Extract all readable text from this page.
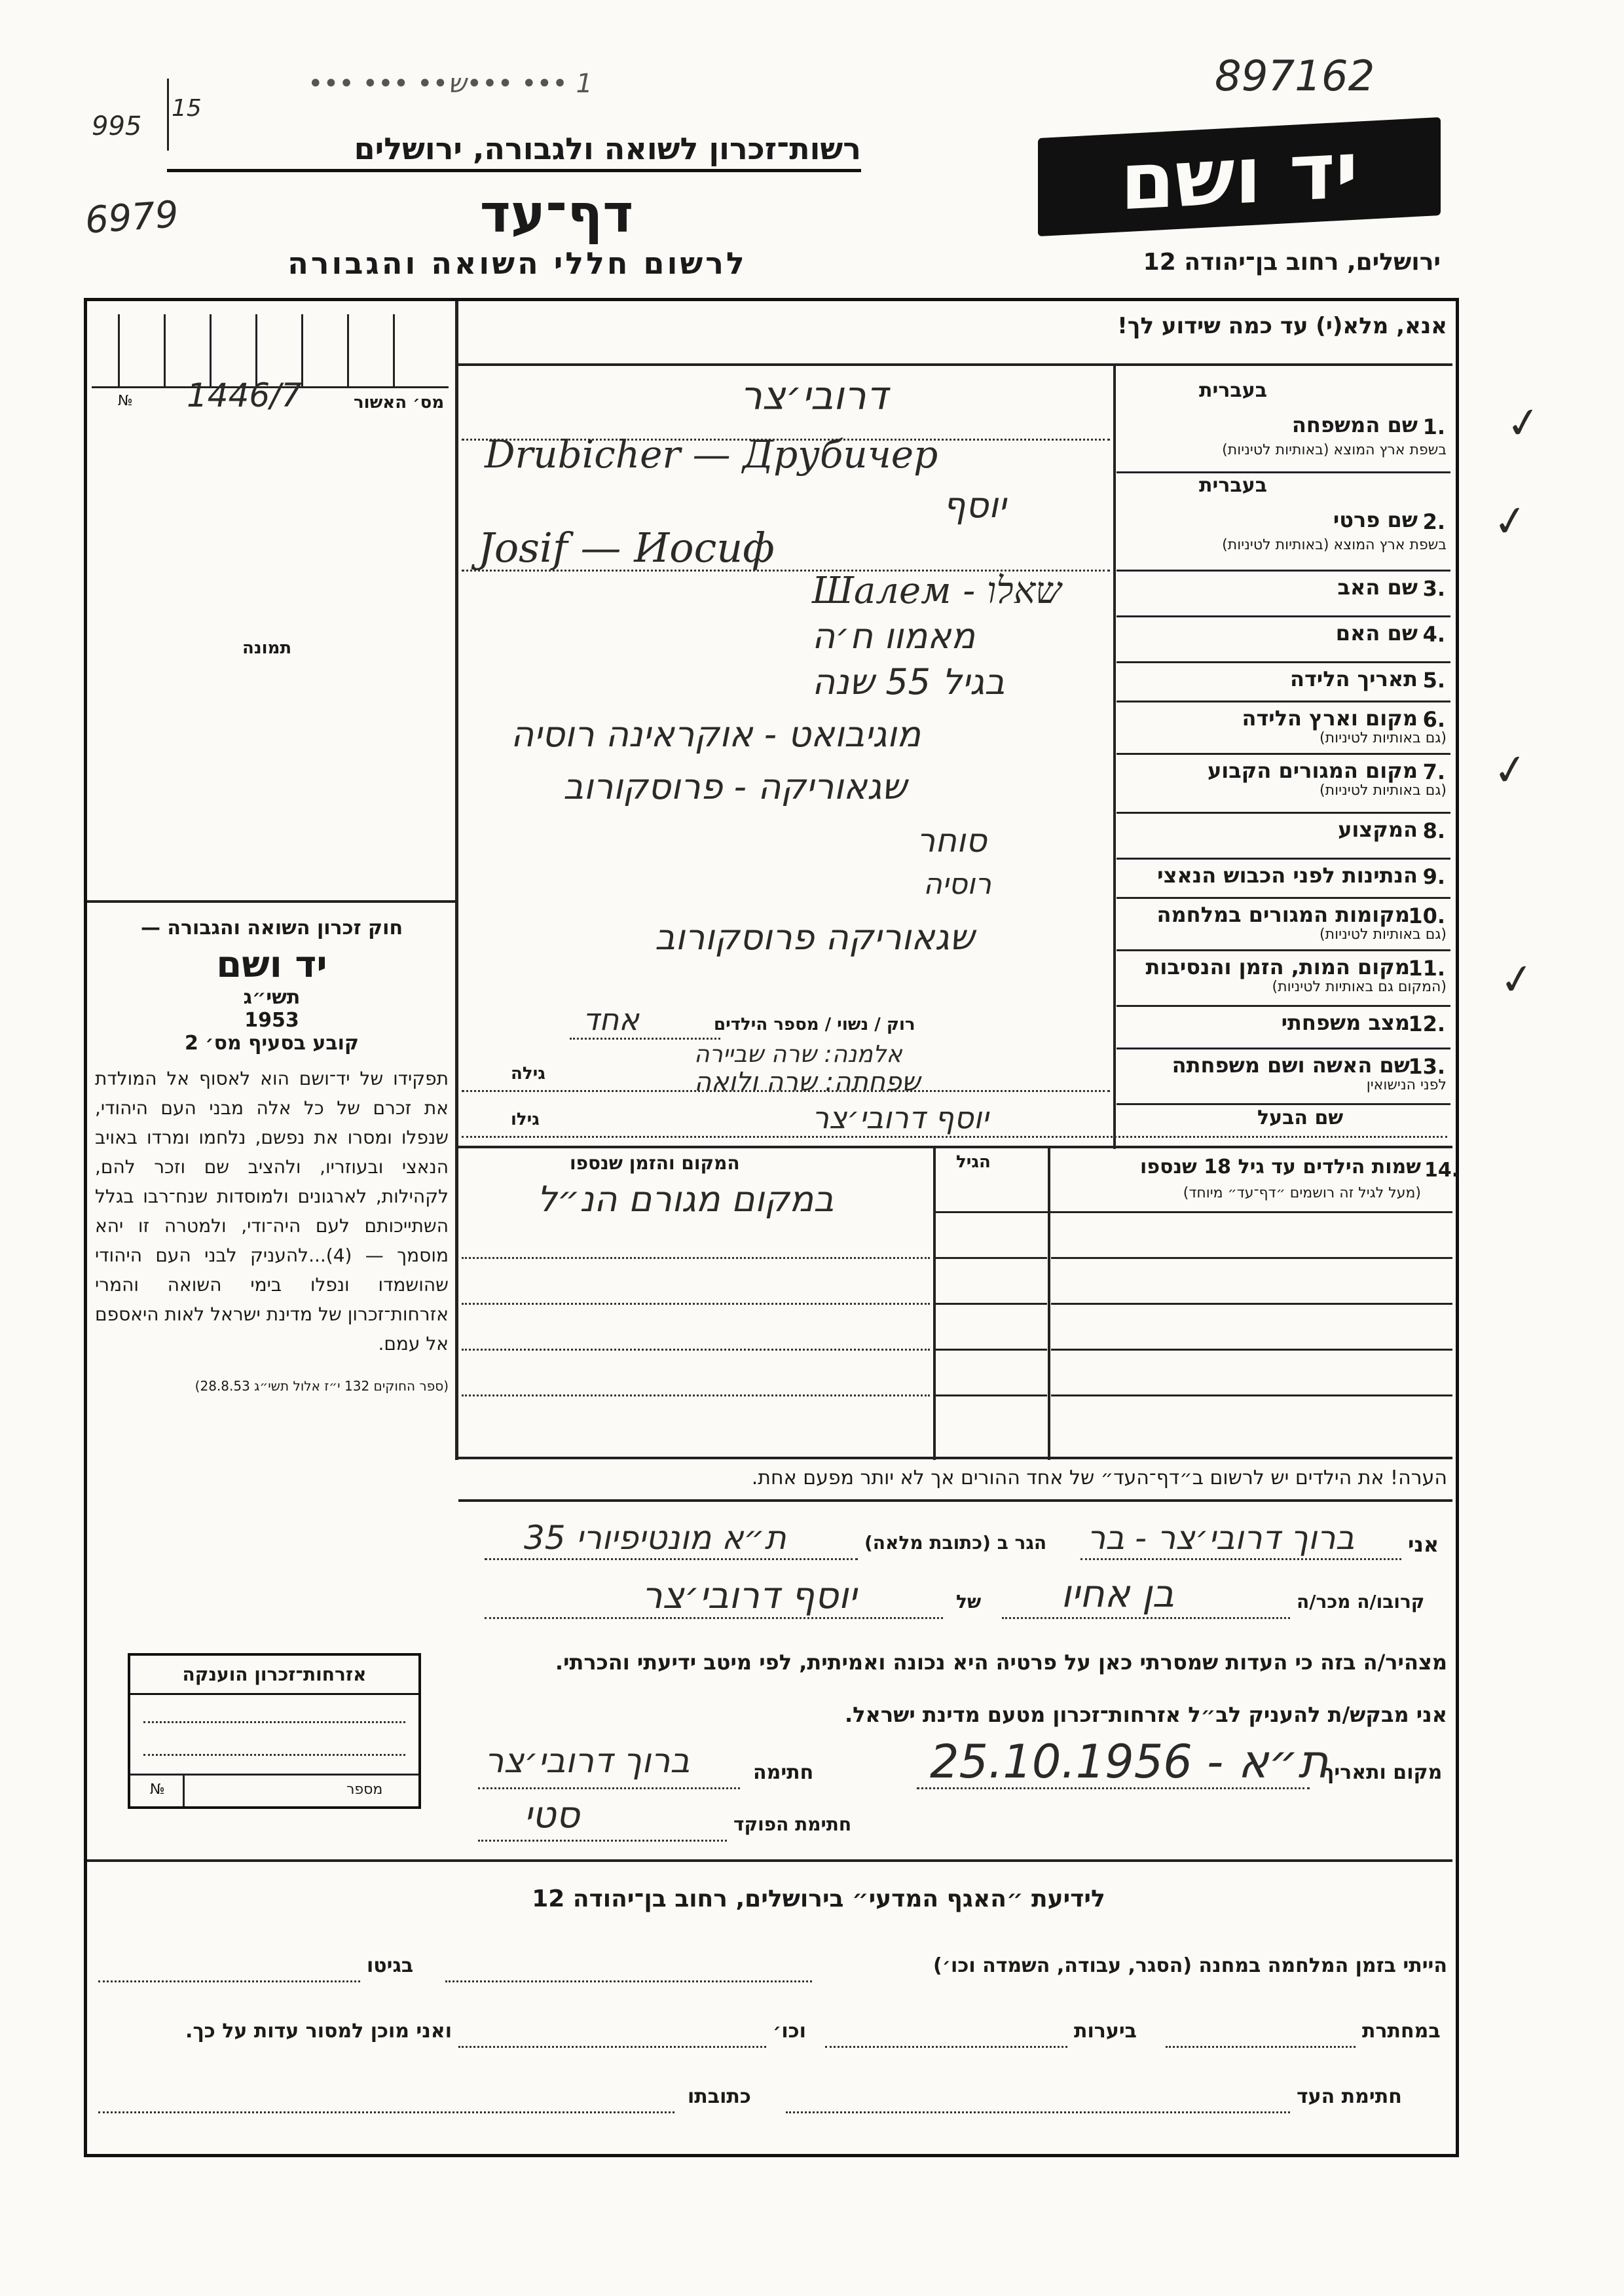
897162
1 ••• •••ש•• ••• •••
995
15
6979
רשות־זכרון לשואה ולגבורה, ירושלים
דף־עד
לרשום חללי השואה והגבורה
יד ושם
ירושלים, רחוב בן־יהודה 12
אנא, מלא(י) עד כמה שידוע לך!
№ 1446/7	מס׳ האשור
תמונה

חוק זכרון השואה והגבורה —

יד ושם

תשי״ג

1953

קובע בסעיף מס׳ 2

תפקידו של יד־ושם הוא לאסוף אל המולדת את זכרם של כל אלה מבני העם היהודי, שנפלו ומסרו את נפשם, נלחמו ומרדו באויב הנאצי ובעוזריו, ולהציב שם וזכר להם, לקהילות, לארגונים ולמוסדות שנח־רבו בגלל השתייכותם לעם היה־ודי, ולמטרה זו יהא מוסמך — (4)...להעניק לבני העם היהודי שהושמדו ונפלו בימי השואה והמרי אזרחות־זכרון של מדינת ישראל לאות היאספם אל עמם.

(ספר החוקים 132 י״ז אלול תשי״ג 28.8.53)

1.
שם המשפחה
בשפת ארץ המוצא (באותיות לטיניות)
בעברית
2.
שם פרטי
בשפת ארץ המוצא (באותיות לטיניות)
בעברית
3.
שם האב
4.
שם האם
5.
תאריך הלידה
6.
מקום וארץ הלידה
(גם באותיות לטיניות)
7.
מקום המגורים הקבוע
(גם באותיות לטיניות)
8.
המקצוע
9.
הנתינות לפני הכבוש הנאצי
10.
מקומות המגורים במלחמה
(גם באותיות לטיניות)
11.
מקום המות, הזמן והנסיבות
(המקום גם באותיות לטיניות)
12.
מצב משפחתי
13.
שם האשה ושם משפחתה
לפני הנישואין
דרובי׳צר
Drubicher — Друбичер
יוסף
Josif — Иосиф
Шалем - שאלו
מאמוו ח׳ה
בגיל 55 שנה
מוגיבואט - אוקראינה רוסיה
שגאוריקה - פרוסקורוב
סוחר
רוסיה
שגאוריקה פרוסקורוב
רוק / נשוי / מספר הילדים
אחד
גילה
אלמנה: שרה שביירה
שפחתה: שרה ולואה
שם הבעל
גילו	יוסף דרובי׳צר
14.
שמות הילדים עד גיל 18 שנספו
(מעל לגיל זה רושמים ״דף־עד״ מיוחד)
הגיל
המקום והזמן שנספו
במקום מגורם הנ״ל
הערה! את הילדים יש לרשום ב״דף־העד״ של אחד ההורים אך לא יותר מפעם אחת.
אני
ברוך דרובי׳צר - בר
הגר ב (כתובת מלאה)
ת״א מונטיפיורי 35
קרובו/ה מכר/ה
בן אחיו
של
יוסף דרובי׳צר
מצהיר/ה בזה כי העדות שמסרתי כאן על פרטיה היא נכונה ואמיתית, לפי מיטב ידיעתי והכרתי.
אני מבקש/ת להעניק לב״ל אזרחות־זכרון מטעם מדינת ישראל.
מקום ותאריך
ת״א - 25.10.1956
חתימה
ברוך דרובי׳צר
חתימת הפוקד
סטי
אזרחות־זכרון הוענקה
מספר
№
לידיעת ״האגף המדעי״ בירושלים, רחוב בן־יהודה 12
הייתי בזמן המלחמה במחנה (הסגר, עבודה, השמדה וכו׳)
בגיטו
במחתרת
ביערות
וכו׳
ואני מוכן למסור עדות על כך.
חתימת העד
כתובתו
✓
✓
✓
✓
